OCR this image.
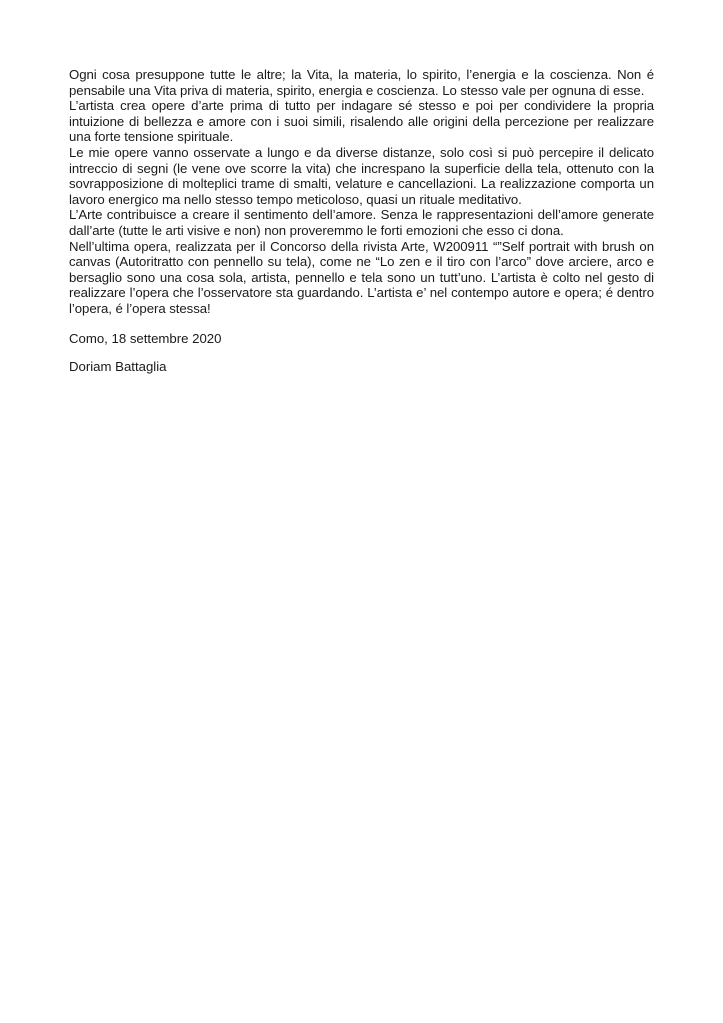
Ogni cosa presuppone tutte le altre; la Vita, la materia, lo spirito, l’energia e la coscienza. Non é pensabile una Vita priva di materia, spirito, energia e coscienza. Lo stesso vale per ognuna di esse.

L’artista crea opere d’arte prima di tutto per indagare sé stesso e poi per condividere la propria intuizione di bellezza e amore con i suoi simili, risalendo alle origini della percezione per realizzare una forte tensione spirituale.

Le mie opere vanno osservate a lungo e da diverse distanze, solo così si può percepire il delicato intreccio di segni (le vene ove scorre la vita) che increspano la superficie della tela, ottenuto con la sovrapposizione di molteplici trame di smalti, velature e cancellazioni. La realizzazione comporta un lavoro energico ma nello stesso tempo meticoloso, quasi un rituale meditativo.

L’Arte contribuisce a creare il sentimento dell’amore. Senza le rappresentazioni dell’amore generate dall’arte (tutte le arti visive e non) non proveremmo le forti emozioni che esso ci dona.

Nell’ultima opera, realizzata per il Concorso della rivista Arte, W200911 “”Self portrait with brush on canvas (Autoritratto con pennello su tela), come ne “Lo zen e il tiro con l’arco” dove arciere, arco e bersaglio sono una cosa sola, artista, pennello e tela sono un tutt’uno. L’artista è colto nel gesto di realizzare l’opera che l’osservatore sta guardando. L’artista e’ nel contempo autore e opera; é dentro l’opera, é l’opera stessa!

Como, 18 settembre 2020

Doriam Battaglia
